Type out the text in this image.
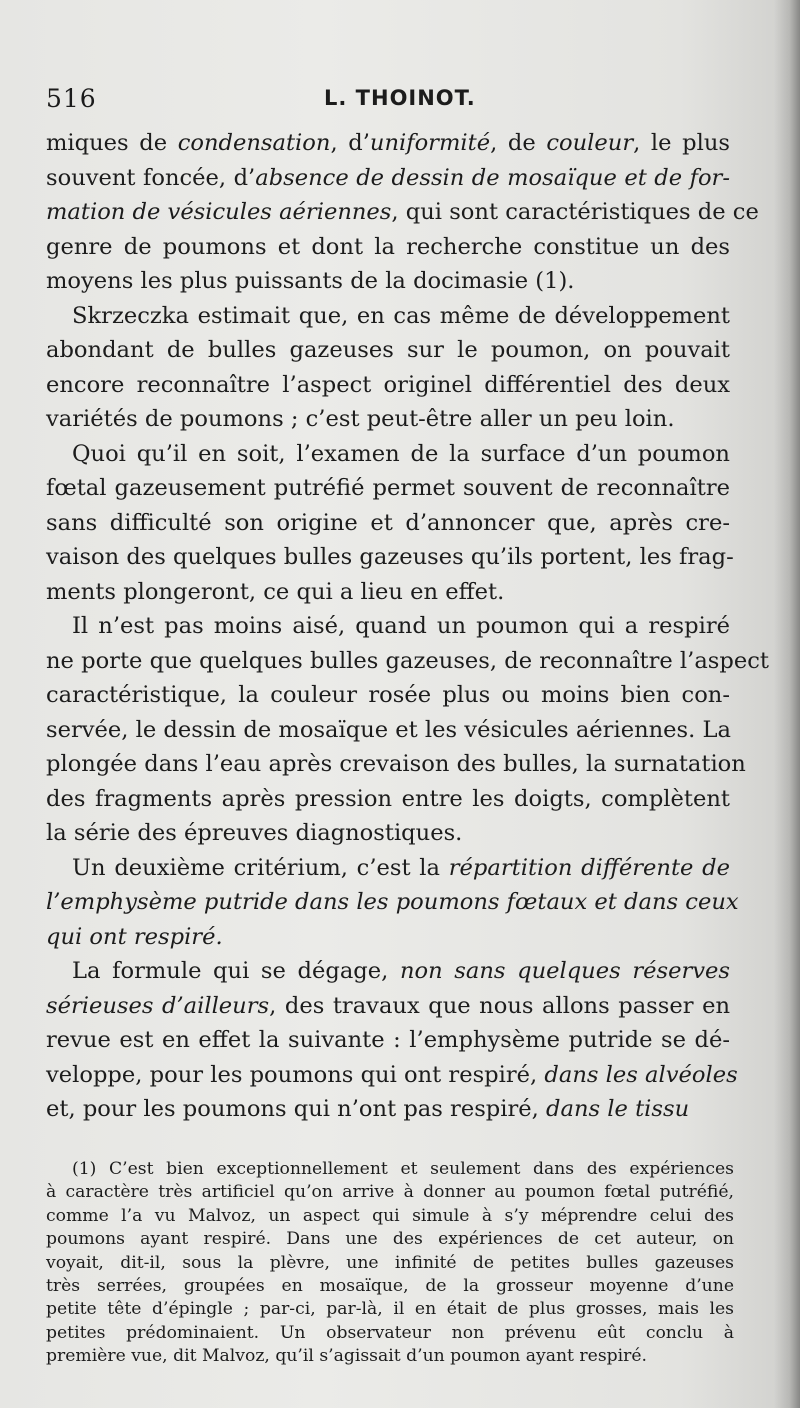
516	L. THOINOT.
miques de condensation, d’uniformité, de couleur, le plus
souvent foncée, d’absence de dessin de mosaïque et de for-
mation de vésicules aériennes, qui sont caractéristiques de ce
genre de poumons et dont la recherche constitue un des
moyens les plus puissants de la docimasie (1).
Skrzeczka estimait que, en cas même de développement
abondant de bulles gazeuses sur le poumon, on pouvait
encore reconnaître l’aspect originel différentiel des deux
variétés de poumons ; c’est peut-être aller un peu loin.
Quoi qu’il en soit, l’examen de la surface d’un poumon
fœtal gazeusement putréfié permet souvent de reconnaître
sans difficulté son origine et d’annoncer que, après cre-
vaison des quelques bulles gazeuses qu’ils portent, les frag-
ments plongeront, ce qui a lieu en effet.
Il n’est pas moins aisé, quand un poumon qui a respiré
ne porte que quelques bulles gazeuses, de reconnaître l’aspect
caractéristique, la couleur rosée plus ou moins bien con-
servée, le dessin de mosaïque et les vésicules aériennes. La
plongée dans l’eau après crevaison des bulles, la surnatation
des fragments après pression entre les doigts, complètent
la série des épreuves diagnostiques.
Un deuxième critérium, c’est la répartition différente de
l’emphysème putride dans les poumons fœtaux et dans ceux
qui ont respiré.
La formule qui se dégage, non sans quelques réserves
sérieuses d’ailleurs, des travaux que nous allons passer en
revue est en effet la suivante : l’emphysème putride se dé-
veloppe, pour les poumons qui ont respiré, dans les alvéoles
et, pour les poumons qui n’ont pas respiré, dans le tissu
(1) C’est bien exceptionnellement et seulement dans des expériences
à caractère très artificiel qu’on arrive à donner au poumon fœtal putréfié,
comme l’a vu Malvoz, un aspect qui simule à s’y méprendre celui des
poumons ayant respiré. Dans une des expériences de cet auteur, on
voyait, dit-il, sous la plèvre, une infinité de petites bulles gazeuses
très serrées, groupées en mosaïque, de la grosseur moyenne d’une
petite tête d’épingle ; par-ci, par-là, il en était de plus grosses, mais les
petites prédominaient. Un observateur non prévenu eût conclu à
première vue, dit Malvoz, qu’il s’agissait d’un poumon ayant respiré.
